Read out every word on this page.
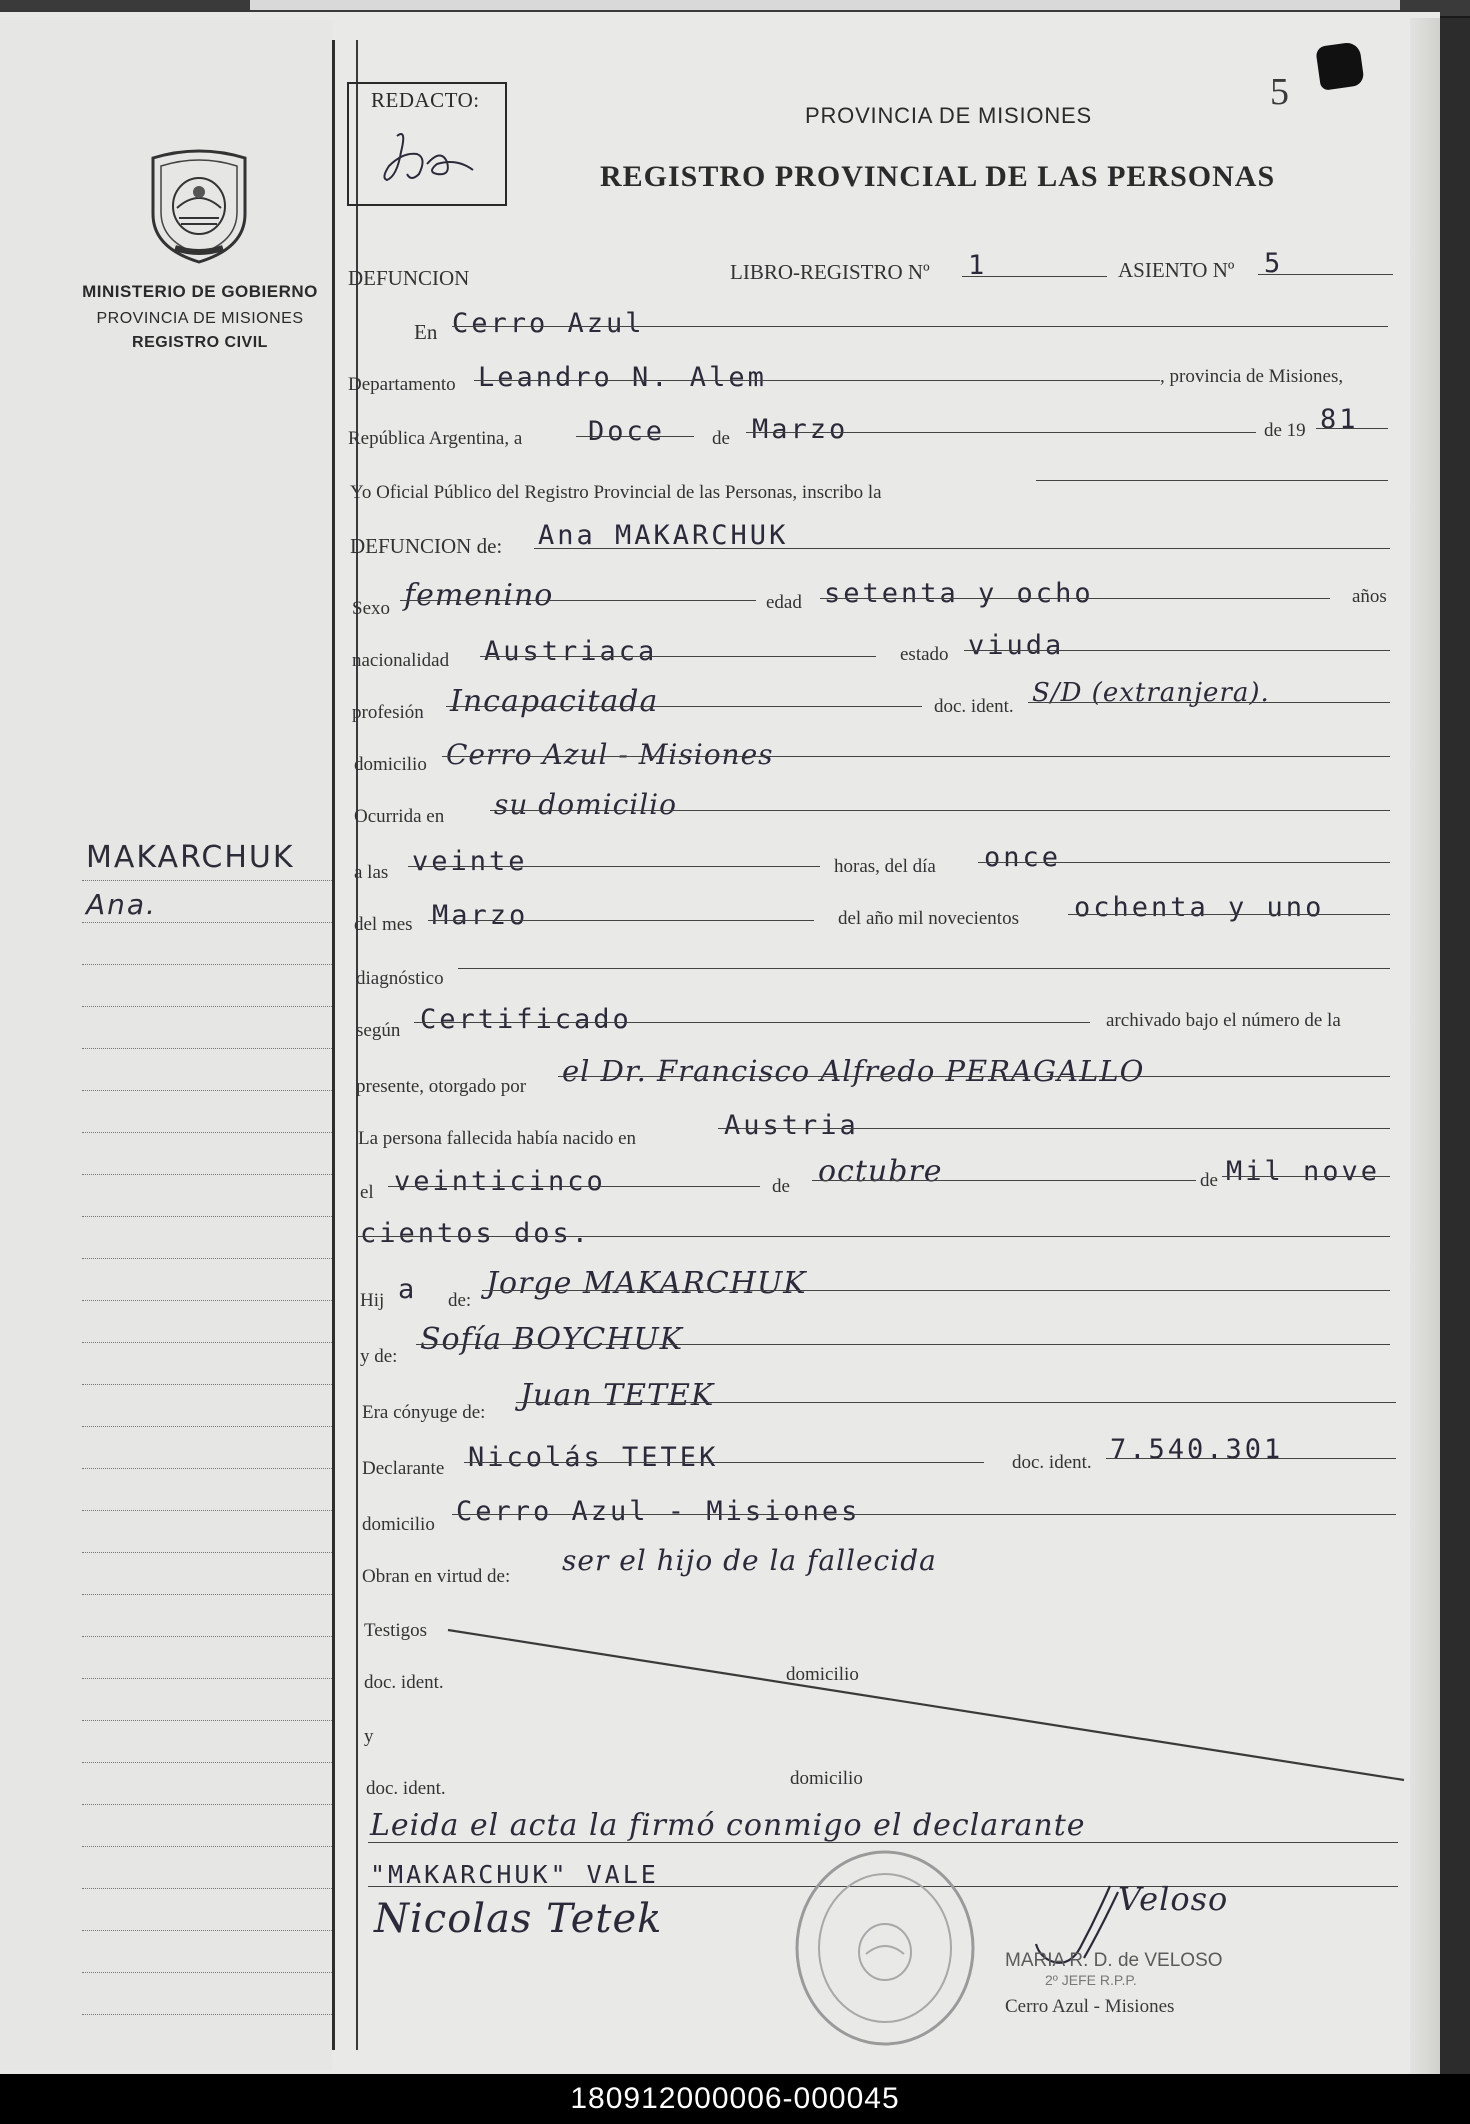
MINISTERIO DE GOBIERNO
PROVINCIA DE MISIONES
REGISTRO CIVIL
MAKARCHUK
Ana.
REDACTO:	5
PROVINCIA DE MISIONES
REGISTRO PROVINCIAL DE LAS PERSONAS
DEFUNCION	LIBRO-REGISTRO Nº 1	ASIENTO Nº 5
En Cerro Azul
Departamento Leandro N. Alem	, provincia de Misiones,
República Argentina, a Doce de Marzo	de 19 81
Yo Oficial Público del Registro Provincial de las Personas, inscribo la
DEFUNCION de: Ana MAKARCHUK
Sexo femenino	edad setenta y ocho	años
nacionalidad Austriaca	estado viuda
profesión Incapacitada	doc. ident. S/D (extranjera).
domicilio Cerro Azul - Misiones
Ocurrida en su domicilio
a las veinte	horas, del día once
del mes Marzo	del año mil novecientos ochenta y uno
diagnóstico
según Certificado	archivado bajo el número de la
presente, otorgado por el Dr. Francisco Alfredo PERAGALLO
La persona fallecida había nacido en	Austria
el veinticinco	de octubre	de Mil nove
cientos dos.
Hij a de: Jorge MAKARCHUK
y de: Sofía BOYCHUK
Era cónyuge de: Juan TETEK
Declarante Nicolás TETEK	doc. ident. 7.540.301
domicilio Cerro Azul - Misiones
Obran en virtud de: ser el hijo de la fallecida
Testigos
doc. ident.	domicilio
y
doc. ident.	domicilio
Leida el acta la firmó conmigo el declarante
"MAKARCHUK" VALE
Nicolas Tetek	Veloso
MARIA R. D. de VELOSO
2º JEFE R.P.P.
Cerro Azul - Misiones
180912000006-000045
